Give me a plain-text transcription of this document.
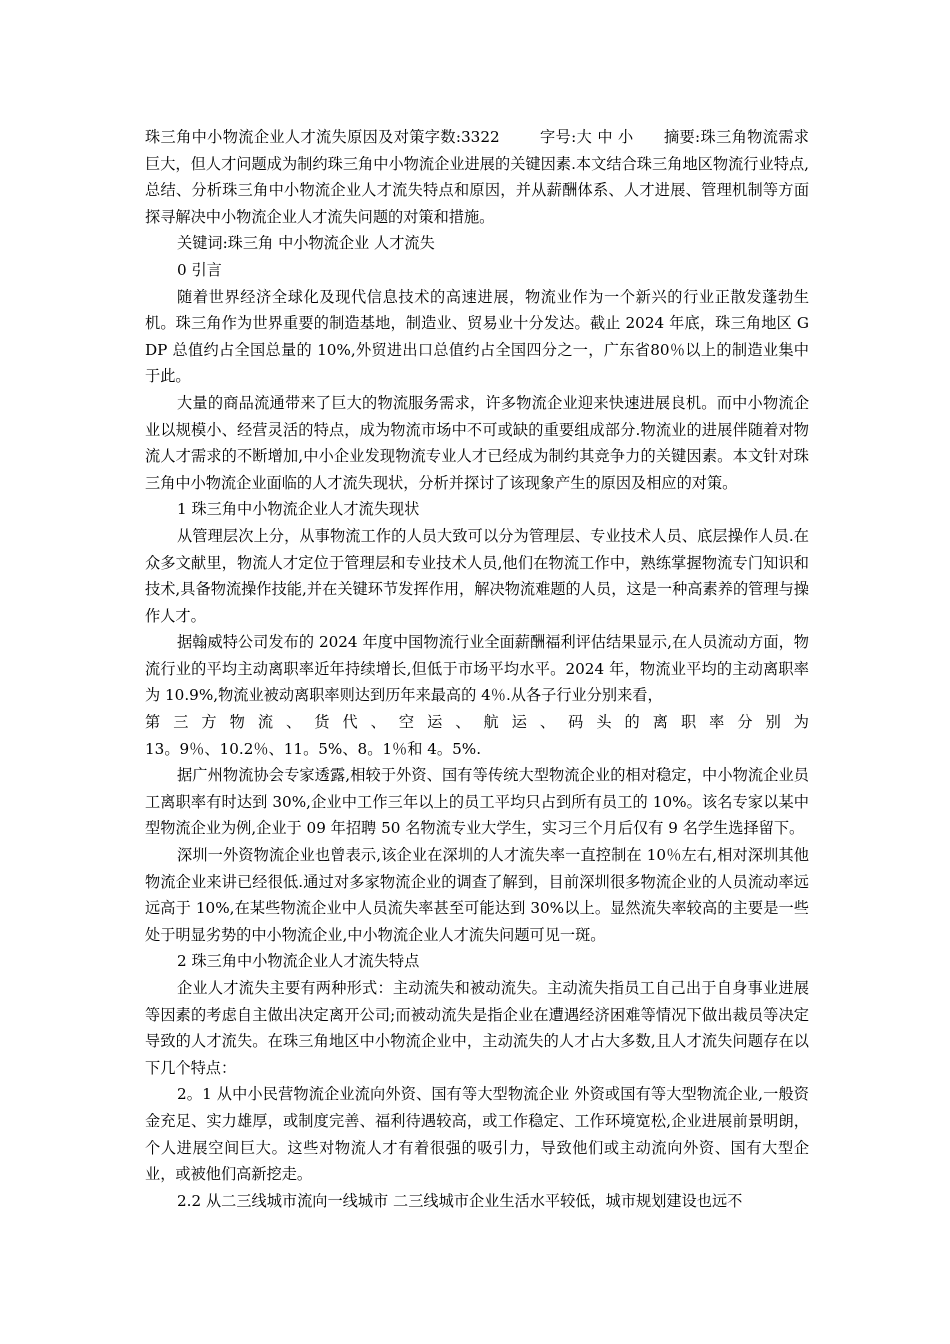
珠三角中小物流企业人才流失原因及对策字数:3322	字号:大 中 小 摘要:珠三角物流需求巨大，但人才问题成为制约珠三角中小物流企业进展的关键因素.本文结合珠三角地区物流行业特点,总结、分析珠三角中小物流企业人才流失特点和原因，并从薪酬体系、人才进展、管理机制等方面探寻解决中小物流企业人才流失问题的对策和措施。

关键词:珠三角 中小物流企业 人才流失

0 引言

随着世界经济全球化及现代信息技术的高速进展，物流业作为一个新兴的行业正散发蓬勃生机。珠三角作为世界重要的制造基地，制造业、贸易业十分发达。截止 2024 年底，珠三角地区 GDP 总值约占全国总量的 10%,外贸进出口总值约占全国四分之一，广东省80％以上的制造业集中于此。

大量的商品流通带来了巨大的物流服务需求，许多物流企业迎来快速进展良机。而中小物流企业以规模小、经营灵活的特点，成为物流市场中不可或缺的重要组成部分.物流业的进展伴随着对物流人才需求的不断增加,中小企业发现物流专业人才已经成为制约其竞争力的关键因素。本文针对珠三角中小物流企业面临的人才流失现状，分析并探讨了该现象产生的原因及相应的对策。

1 珠三角中小物流企业人才流失现状

从管理层次上分，从事物流工作的人员大致可以分为管理层、专业技术人员、底层操作人员.在众多文献里，物流人才定位于管理层和专业技术人员,他们在物流工作中，熟练掌握物流专门知识和技术,具备物流操作技能,并在关键环节发挥作用，解决物流难题的人员，这是一种高素养的管理与操作人才。

据翰威特公司发布的 2024 年度中国物流行业全面薪酬福利评估结果显示,在人员流动方面，物流行业的平均主动离职率近年持续增长,但低于市场平均水平。2024 年，物流业平均的主动离职率为 10.9%,物流业被动离职率则达到历年来最高的 4％.从各子行业分别来看，

第 三 方 物 流 、 货 代 、 空 运 、 航 运 、 码 头 的 离 职 率 分 别 为

13。9％、10.2％、11。5%、8。1％和 4。5%.

据广州物流协会专家透露,相较于外资、国有等传统大型物流企业的相对稳定，中小物流企业员工离职率有时达到 30%,企业中工作三年以上的员工平均只占到所有员工的 10%。该名专家以某中型物流企业为例,企业于 09 年招聘 50 名物流专业大学生，实习三个月后仅有 9 名学生选择留下。

深圳一外资物流企业也曾表示,该企业在深圳的人才流失率一直控制在 10％左右,相对深圳其他物流企业来讲已经很低.通过对多家物流企业的调查了解到，目前深圳很多物流企业的人员流动率远远高于 10%,在某些物流企业中人员流失率甚至可能达到 30%以上。显然流失率较高的主要是一些处于明显劣势的中小物流企业,中小物流企业人才流失问题可见一斑。

2 珠三角中小物流企业人才流失特点

企业人才流失主要有两种形式：主动流失和被动流失。主动流失指员工自己出于自身事业进展等因素的考虑自主做出决定离开公司;而被动流失是指企业在遭遇经济困难等情况下做出裁员等决定导致的人才流失。在珠三角地区中小物流企业中，主动流失的人才占大多数,且人才流失问题存在以下几个特点：

2。1 从中小民营物流企业流向外资、国有等大型物流企业 外资或国有等大型物流企业,一般资金充足、实力雄厚，或制度完善、福利待遇较高，或工作稳定、工作环境宽松,企业进展前景明朗，个人进展空间巨大。这些对物流人才有着很强的吸引力，导致他们或主动流向外资、国有大型企业，或被他们高新挖走。

2.2 从二三线城市流向一线城市 二三线城市企业生活水平较低，城市规划建设也远不
